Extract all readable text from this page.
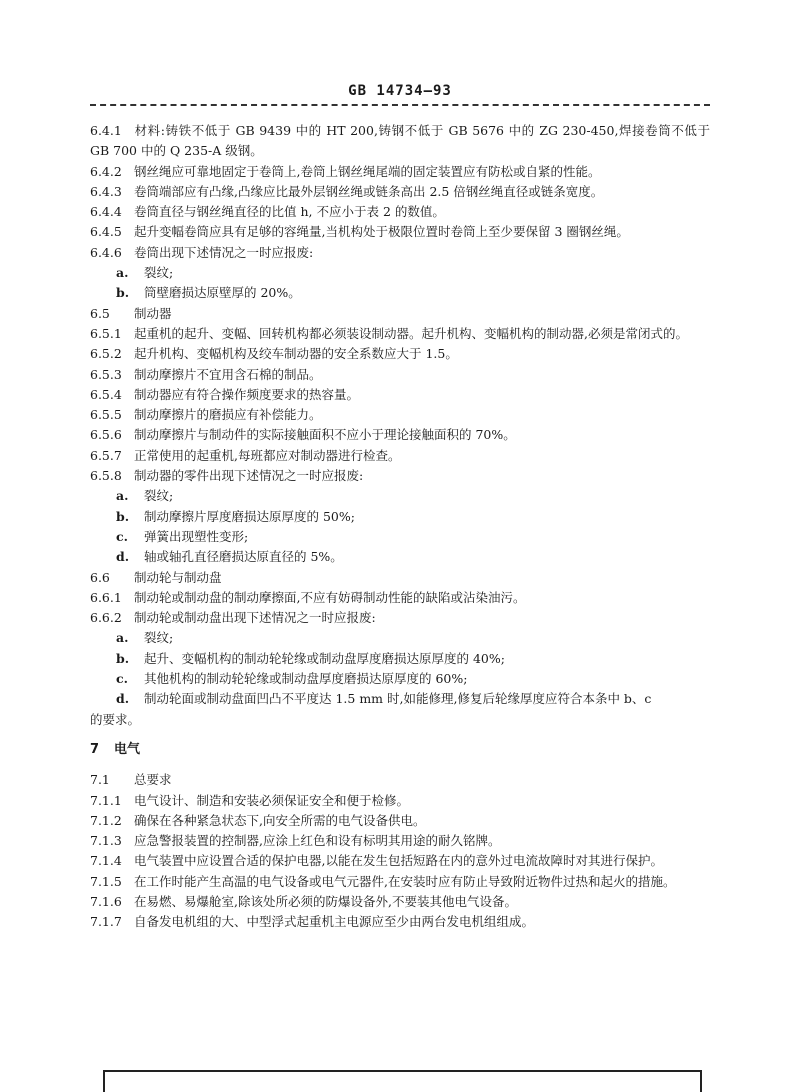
GB 14734—93
6.4.1 材料:铸铁不低于 GB 9439 中的 HT 200,铸钢不低于 GB 5676 中的 ZG 230-450,焊接卷筒不低于 GB 700 中的 Q 235-A 级钢。
6.4.2 钢丝绳应可靠地固定于卷筒上,卷筒上钢丝绳尾端的固定装置应有防松或自紧的性能。
6.4.3 卷筒端部应有凸缘,凸缘应比最外层钢丝绳或链条高出 2.5 倍钢丝绳直径或链条宽度。
6.4.4 卷筒直径与钢丝绳直径的比值 h, 不应小于表 2 的数值。
6.4.5 起升变幅卷筒应具有足够的容绳量,当机构处于极限位置时卷筒上至少要保留 3 圈钢丝绳。
6.4.6 卷筒出现下述情况之一时应报废:
a. 裂纹;
b. 筒壁磨损达原壁厚的 20%。
6.5 制动器
6.5.1 起重机的起升、变幅、回转机构都必须装设制动器。起升机构、变幅机构的制动器,必须是常闭式的。
6.5.2 起升机构、变幅机构及绞车制动器的安全系数应大于 1.5。
6.5.3 制动摩擦片不宜用含石棉的制品。
6.5.4 制动器应有符合操作频度要求的热容量。
6.5.5 制动摩擦片的磨损应有补偿能力。
6.5.6 制动摩擦片与制动件的实际接触面积不应小于理论接触面积的 70%。
6.5.7 正常使用的起重机,每班都应对制动器进行检查。
6.5.8 制动器的零件出现下述情况之一时应报废:
a. 裂纹;
b. 制动摩擦片厚度磨损达原厚度的 50%;
c. 弹簧出现塑性变形;
d. 轴或轴孔直径磨损达原直径的 5%。
6.6 制动轮与制动盘
6.6.1 制动轮或制动盘的制动摩擦面,不应有妨碍制动性能的缺陷或沾染油污。
6.6.2 制动轮或制动盘出现下述情况之一时应报废:
a. 裂纹;
b. 起升、变幅机构的制动轮轮缘或制动盘厚度磨损达原厚度的 40%;
c. 其他机构的制动轮轮缘或制动盘厚度磨损达原厚度的 60%;
d. 制动轮面或制动盘面凹凸不平度达 1.5 mm 时,如能修理,修复后轮缘厚度应符合本条中 b、c
的要求。
7 电气
7.1 总要求
7.1.1 电气设计、制造和安装必须保证安全和便于检修。
7.1.2 确保在各种紧急状态下,向安全所需的电气设备供电。
7.1.3 应急警报装置的控制器,应涂上红色和设有标明其用途的耐久铭牌。
7.1.4 电气装置中应设置合适的保护电器,以能在发生包括短路在内的意外过电流故障时对其进行保护。
7.1.5 在工作时能产生高温的电气设备或电气元器件,在安装时应有防止导致附近物件过热和起火的措施。
7.1.6 在易燃、易爆舱室,除该处所必须的防爆设备外,不要装其他电气设备。
7.1.7 自备发电机组的大、中型浮式起重机主电源应至少由两台发电机组组成。
